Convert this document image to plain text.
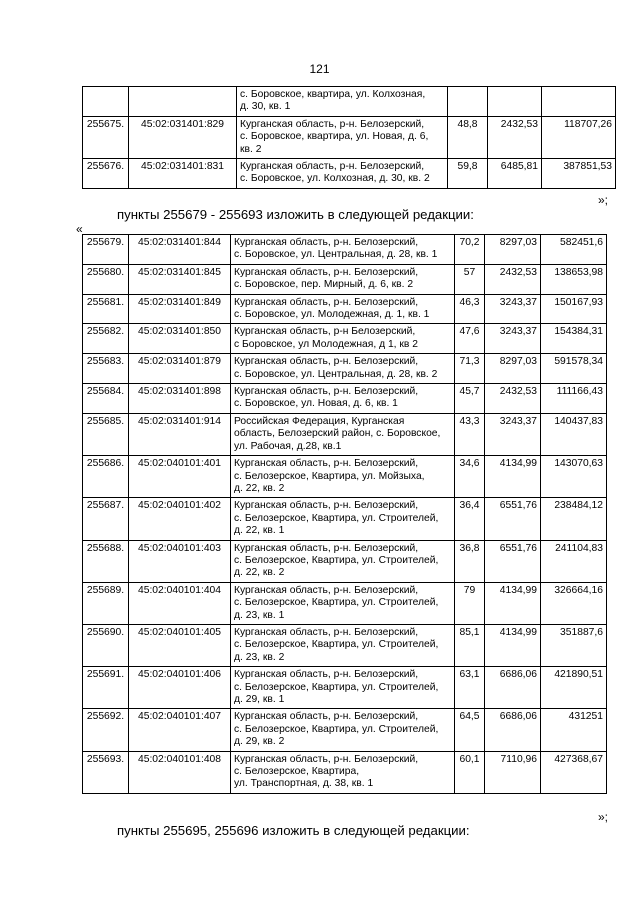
121

		с. Боровское, квартира, ул. Колхозная,
д. 30, кв. 1			

255675.	45:02:031401:829	Курганская область, р-н. Белозерский,
с. Боровское, квартира, ул. Новая, д. 6,
кв. 2	48,8	2432,53	118707,26
255676.	45:02:031401:831	Курганская область, р-н. Белозерский,
с. Боровское, ул. Колхозная, д. 30, кв. 2	59,8	6485,81	387851,53
»;
пункты 255679 - 255693 изложить в следующей редакции:
«
255679.	45:02:031401:844	Курганская область, р-н. Белозерский,
с. Боровское, ул. Центральная, д. 28, кв. 1	70,2	8297,03	582451,6
255680.	45:02:031401:845	Курганская область, р-н. Белозерский,
с. Боровское, пер. Мирный, д. 6, кв. 2	57	2432,53	138653,98
255681.	45:02:031401:849	Курганская область, р-н. Белозерский,
с. Боровское, ул. Молодежная, д. 1, кв. 1	46,3	3243,37	150167,93
255682.	45:02:031401:850	Курганская область, р-н Белозерский,
с Боровское, ул Молодежная, д 1, кв 2	47,6	3243,37	154384,31
255683.	45:02:031401:879	Курганская область, р-н. Белозерский,
с. Боровское, ул. Центральная, д. 28, кв. 2	71,3	8297,03	591578,34
255684.	45:02:031401:898	Курганская область, р-н. Белозерский,
с. Боровское, ул. Новая, д. 6, кв. 1	45,7	2432,53	111166,43
255685.	45:02:031401:914	Российская Федерация, Курганская
область, Белозерский район, с. Боровское,
ул. Рабочая, д.28, кв.1	43,3	3243,37	140437,83
255686.	45:02:040101:401	Курганская область, р-н. Белозерский,
с. Белозерское, Квартира, ул. Мойзыха,
д. 22, кв. 2	34,6	4134,99	143070,63
255687.	45:02:040101:402	Курганская область, р-н. Белозерский,
с. Белозерское, Квартира, ул. Строителей,
д. 22, кв. 1	36,4	6551,76	238484,12
255688.	45:02:040101:403	Курганская область, р-н. Белозерский,
с. Белозерское, Квартира, ул. Строителей,
д. 22, кв. 2	36,8	6551,76	241104,83
255689.	45:02:040101:404	Курганская область, р-н. Белозерский,
с. Белозерское, Квартира, ул. Строителей,
д. 23, кв. 1	79	4134,99	326664,16
255690.	45:02:040101:405	Курганская область, р-н. Белозерский,
с. Белозерское, Квартира, ул. Строителей,
д. 23, кв. 2	85,1	4134,99	351887,6
255691.	45:02:040101:406	Курганская область, р-н. Белозерский,
с. Белозерское, Квартира, ул. Строителей,
д. 29, кв. 1	63,1	6686,06	421890,51
255692.	45:02:040101:407	Курганская область, р-н. Белозерский,
с. Белозерское, Квартира, ул. Строителей,
д. 29, кв. 2	64,5	6686,06	431251
255693.	45:02:040101:408	Курганская область, р-н. Белозерский,
с. Белозерское, Квартира,
ул. Транспортная, д. 38, кв. 1	60,1	7110,96	427368,67
»;
пункты 255695, 255696 изложить в следующей редакции:
